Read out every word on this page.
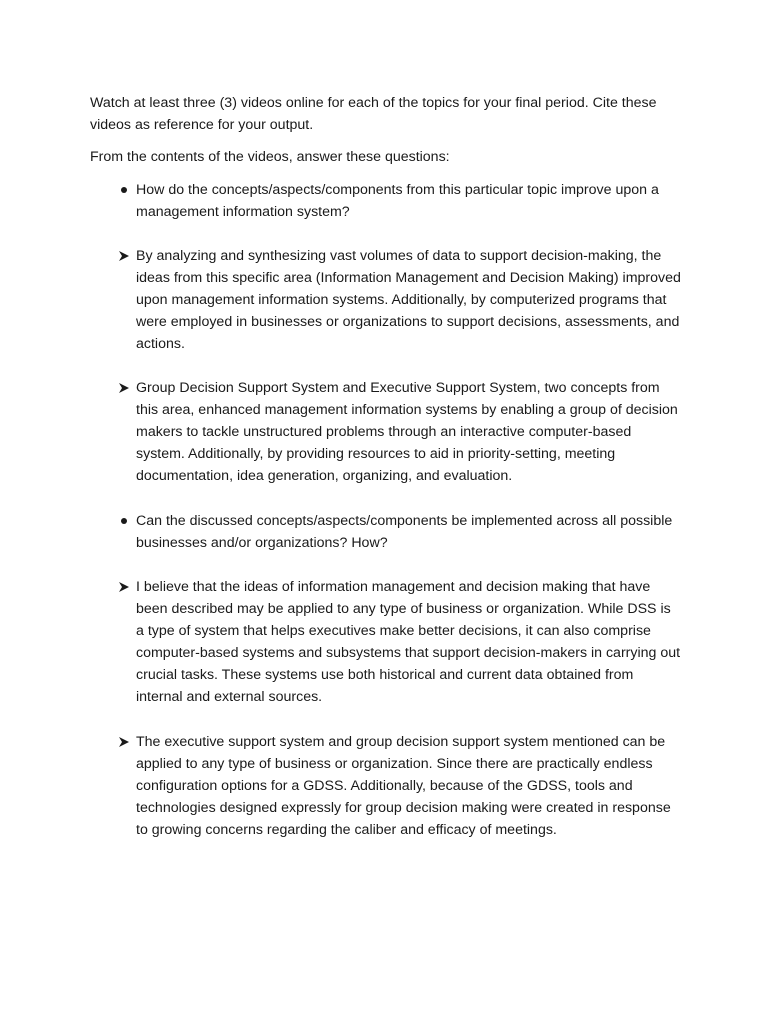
Watch at least three (3) videos online for each of the topics for your final period. Cite these videos as reference for your output.

From the contents of the videos, answer these questions:

How do the concepts/aspects/components from this particular topic improve upon a management information system?

By analyzing and synthesizing vast volumes of data to support decision-making, the ideas from this specific area (Information Management and Decision Making) improved upon management information systems. Additionally, by computerized programs that were employed in businesses or organizations to support decisions, assessments, and actions.

Group Decision Support System and Executive Support System, two concepts from this area, enhanced management information systems by enabling a group of decision makers to tackle unstructured problems through an interactive computer-based system. Additionally, by providing resources to aid in priority-setting, meeting documentation, idea generation, organizing, and evaluation.

Can the discussed concepts/aspects/components be implemented across all possible businesses and/or organizations? How?

I believe that the ideas of information management and decision making that have been described may be applied to any type of business or organization. While DSS is a type of system that helps executives make better decisions, it can also comprise computer-based systems and subsystems that support decision-makers in carrying out crucial tasks. These systems use both historical and current data obtained from internal and external sources.

The executive support system and group decision support system mentioned can be applied to any type of business or organization. Since there are practically endless configuration options for a GDSS. Additionally, because of the GDSS, tools and technologies designed expressly for group decision making were created in response to growing concerns regarding the caliber and efficacy of meetings.
